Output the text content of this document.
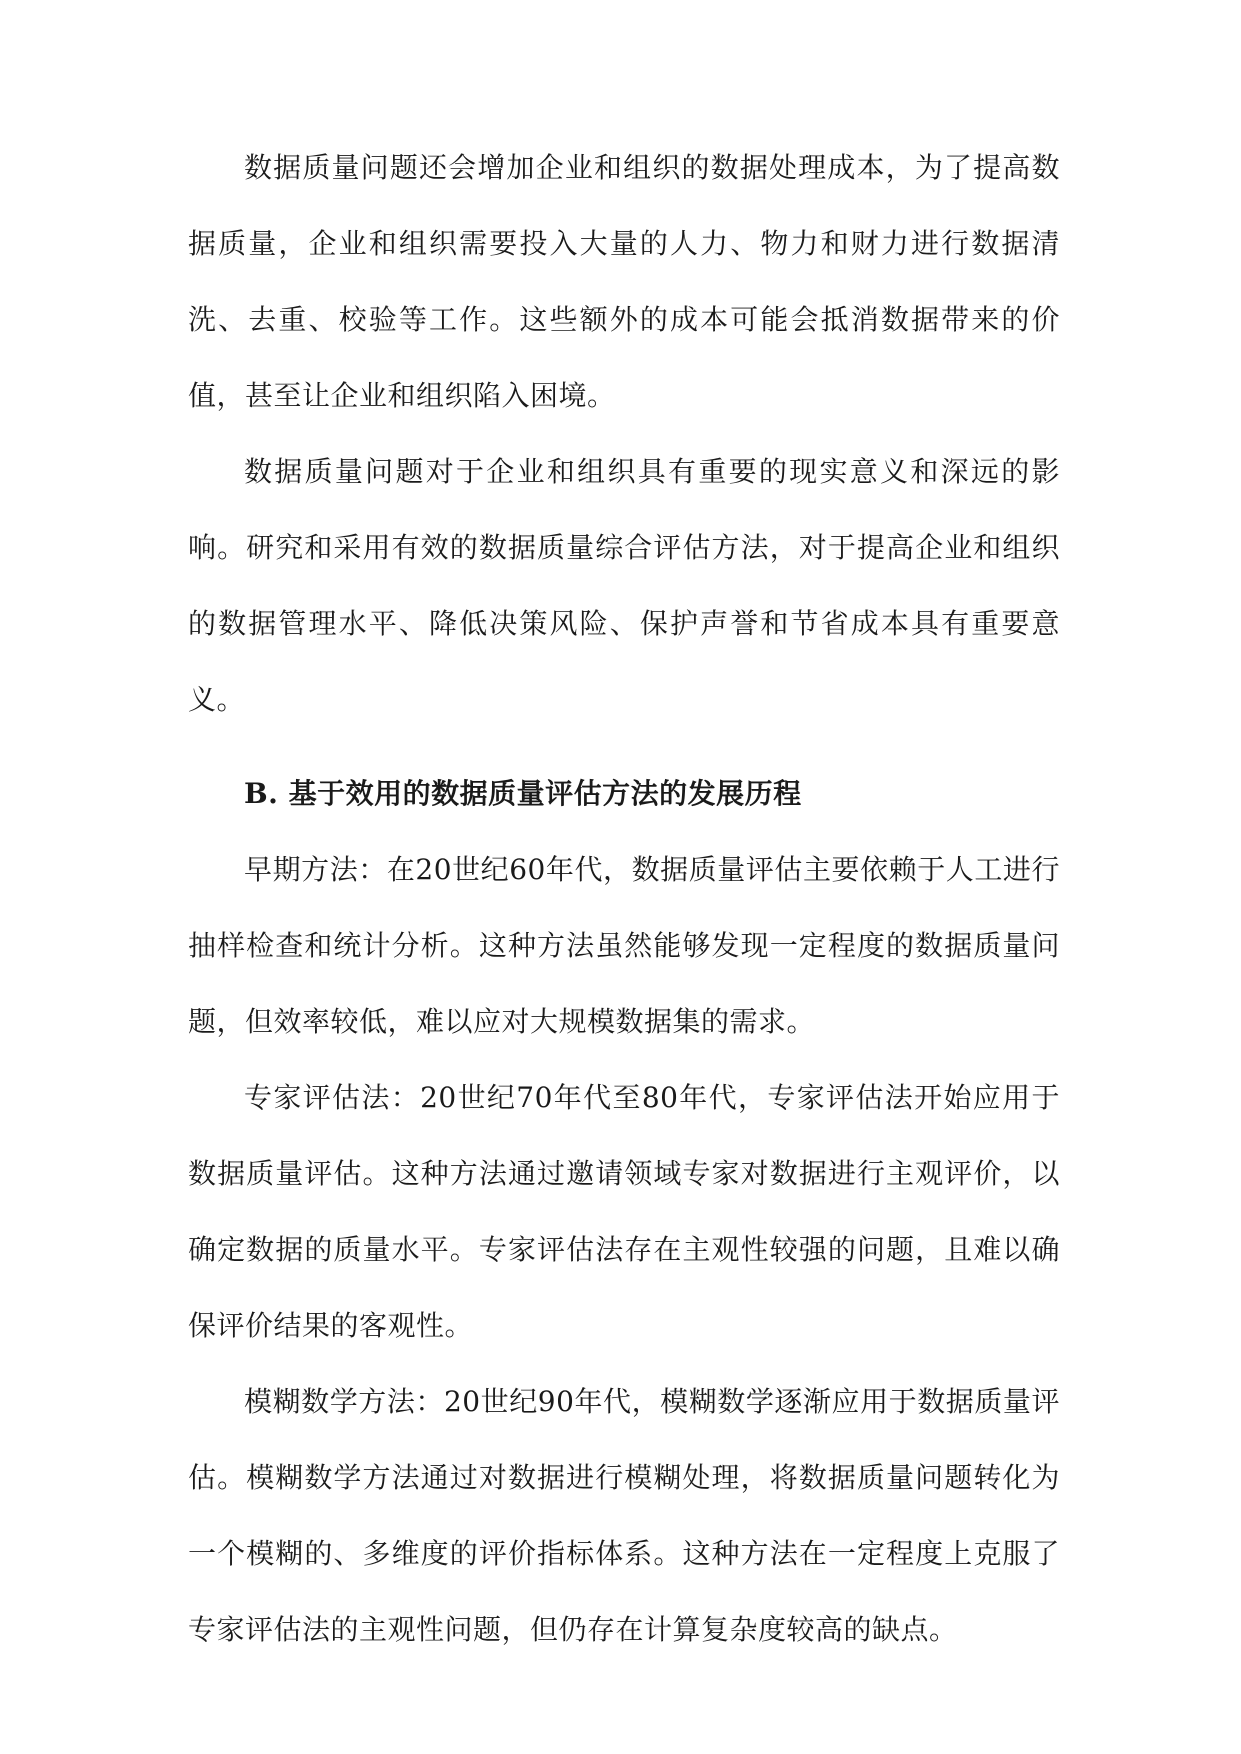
数据质量问题还会增加企业和组织的数据处理成本，为了提高数据质量，企业和组织需要投入大量的人力、物力和财力进行数据清洗、去重、校验等工作。这些额外的成本可能会抵消数据带来的价值，甚至让企业和组织陷入困境。

数据质量问题对于企业和组织具有重要的现实意义和深远的影响。研究和采用有效的数据质量综合评估方法，对于提高企业和组织的数据管理水平、降低决策风险、保护声誉和节省成本具有重要意义。

B. 基于效用的数据质量评估方法的发展历程

早期方法：在20世纪60年代，数据质量评估主要依赖于人工进行抽样检查和统计分析。这种方法虽然能够发现一定程度的数据质量问题，但效率较低，难以应对大规模数据集的需求。

专家评估法：20世纪70年代至80年代，专家评估法开始应用于数据质量评估。这种方法通过邀请领域专家对数据进行主观评价，以确定数据的质量水平。专家评估法存在主观性较强的问题，且难以确保评价结果的客观性。

模糊数学方法：20世纪90年代，模糊数学逐渐应用于数据质量评估。模糊数学方法通过对数据进行模糊处理，将数据质量问题转化为一个模糊的、多维度的评价指标体系。这种方法在一定程度上克服了专家评估法的主观性问题，但仍存在计算复杂度较高的缺点。
